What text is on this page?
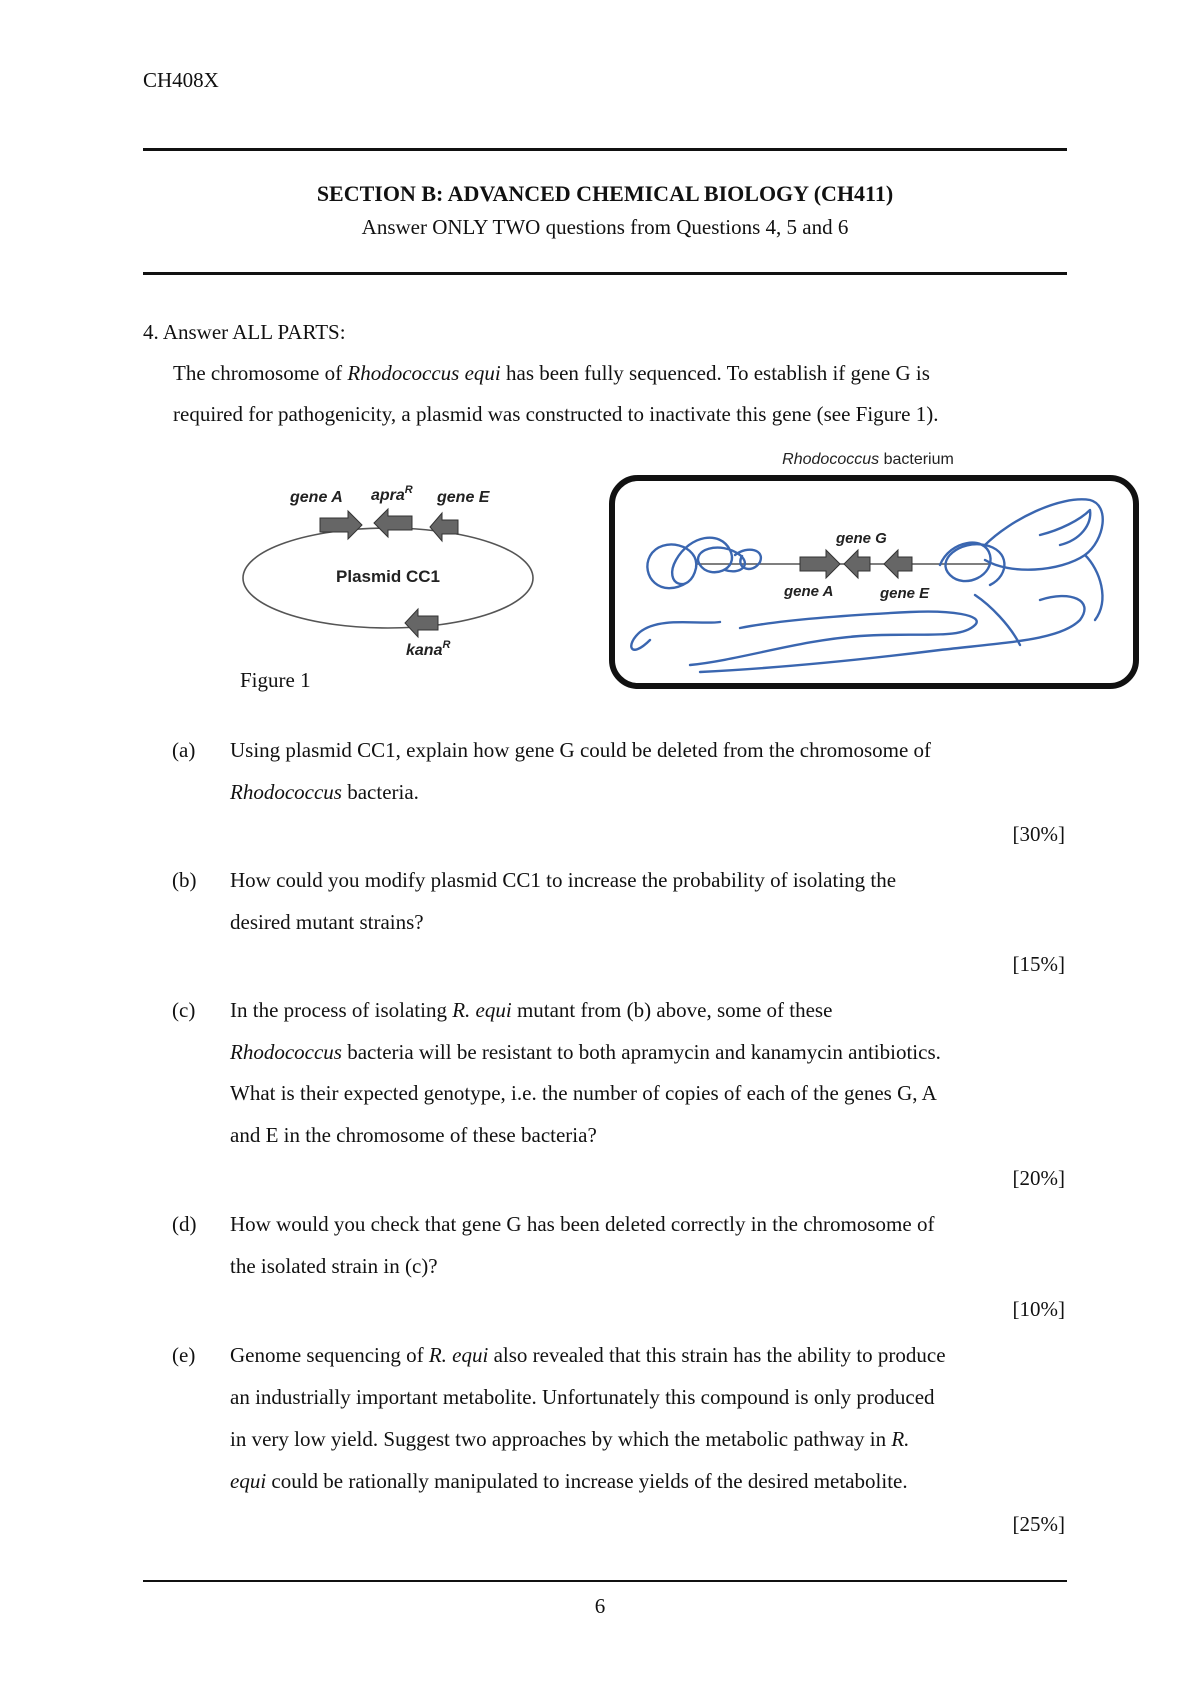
CH408X
SECTION B: ADVANCED CHEMICAL BIOLOGY (CH411)
Answer ONLY TWO questions from Questions 4, 5 and 6
4. Answer ALL PARTS:
The chromosome of Rhodococcus equi has been fully sequenced. To establish if gene G is
required for pathogenicity, a plasmid was constructed to inactivate this gene (see Figure 1).
Plasmid CC1
gene A apra$^R$ gene E
kana$^R$
Rhodococcus bacterium
gene G
gene A	gene E
Figure 1
(a) Using plasmid CC1, explain how gene G could be deleted from the chromosome of
Rhodococcus bacteria.
[30%]
(b) How could you modify plasmid CC1 to increase the probability of isolating the
desired mutant strains?
[15%]
(c) In the process of isolating R. equi mutant from (b) above, some of these
Rhodococcus bacteria will be resistant to both apramycin and kanamycin antibiotics.
What is their expected genotype, i.e. the number of copies of each of the genes G, A
and E in the chromosome of these bacteria?
[20%]
(d) How would you check that gene G has been deleted correctly in the chromosome of
the isolated strain in (c)?
[10%]
(e) Genome sequencing of R. equi also revealed that this strain has the ability to produce
an industrially important metabolite. Unfortunately this compound is only produced
in very low yield. Suggest two approaches by which the metabolic pathway in R.
equi could be rationally manipulated to increase yields of the desired metabolite.
[25%]
6
